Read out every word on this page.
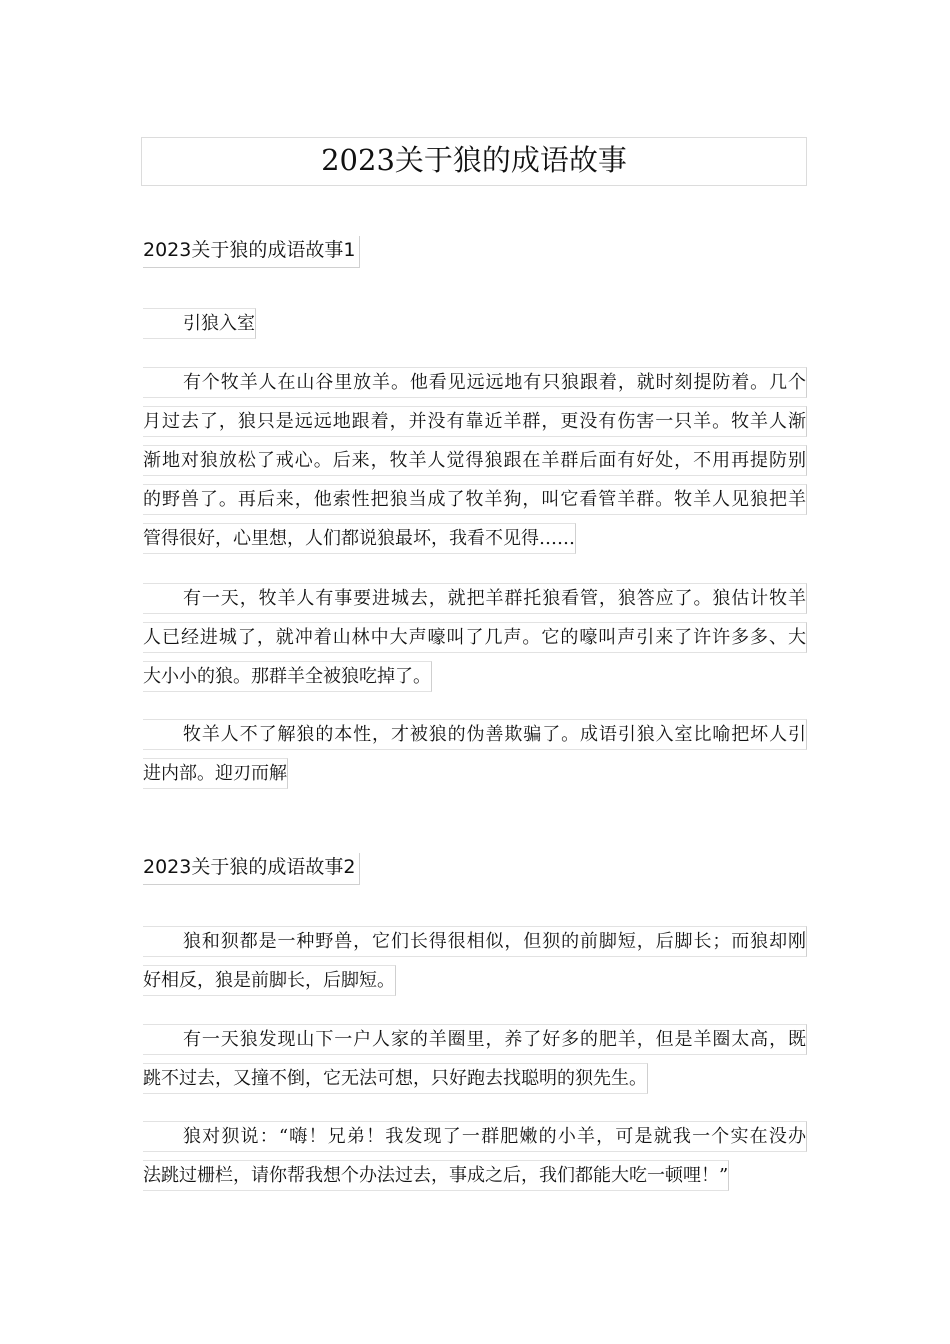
2023关于狼的成语故事
2023关于狼的成语故事1
引狼入室
有个牧羊人在山谷里放羊。他看见远远地有只狼跟着，就时刻提防着。几个
月过去了，狼只是远远地跟着，并没有靠近羊群，更没有伤害一只羊。牧羊人渐
渐地对狼放松了戒心。后来，牧羊人觉得狼跟在羊群后面有好处，不用再提防别
的野兽了。再后来，他索性把狼当成了牧羊狗，叫它看管羊群。牧羊人见狼把羊
管得很好，心里想，人们都说狼最坏，我看不见得……
有一天，牧羊人有事要进城去，就把羊群托狼看管，狼答应了。狼估计牧羊
人已经进城了，就冲着山林中大声嚎叫了几声。它的嚎叫声引来了许许多多、大
大小小的狼。那群羊全被狼吃掉了。
牧羊人不了解狼的本性，才被狼的伪善欺骗了。成语引狼入室比喻把坏人引
进内部。迎刃而解
2023关于狼的成语故事2
狼和狈都是一种野兽，它们长得很相似，但狈的前脚短，后脚长；而狼却刚
好相反，狼是前脚长，后脚短。
有一天狼发现山下一户人家的羊圈里，养了好多的肥羊，但是羊圈太高，既
跳不过去，又撞不倒，它无法可想，只好跑去找聪明的狈先生。
狼对狈说：“嗨！兄弟！我发现了一群肥嫩的小羊，可是就我一个实在没办
法跳过栅栏，请你帮我想个办法过去，事成之后，我们都能大吃一顿哩！”
